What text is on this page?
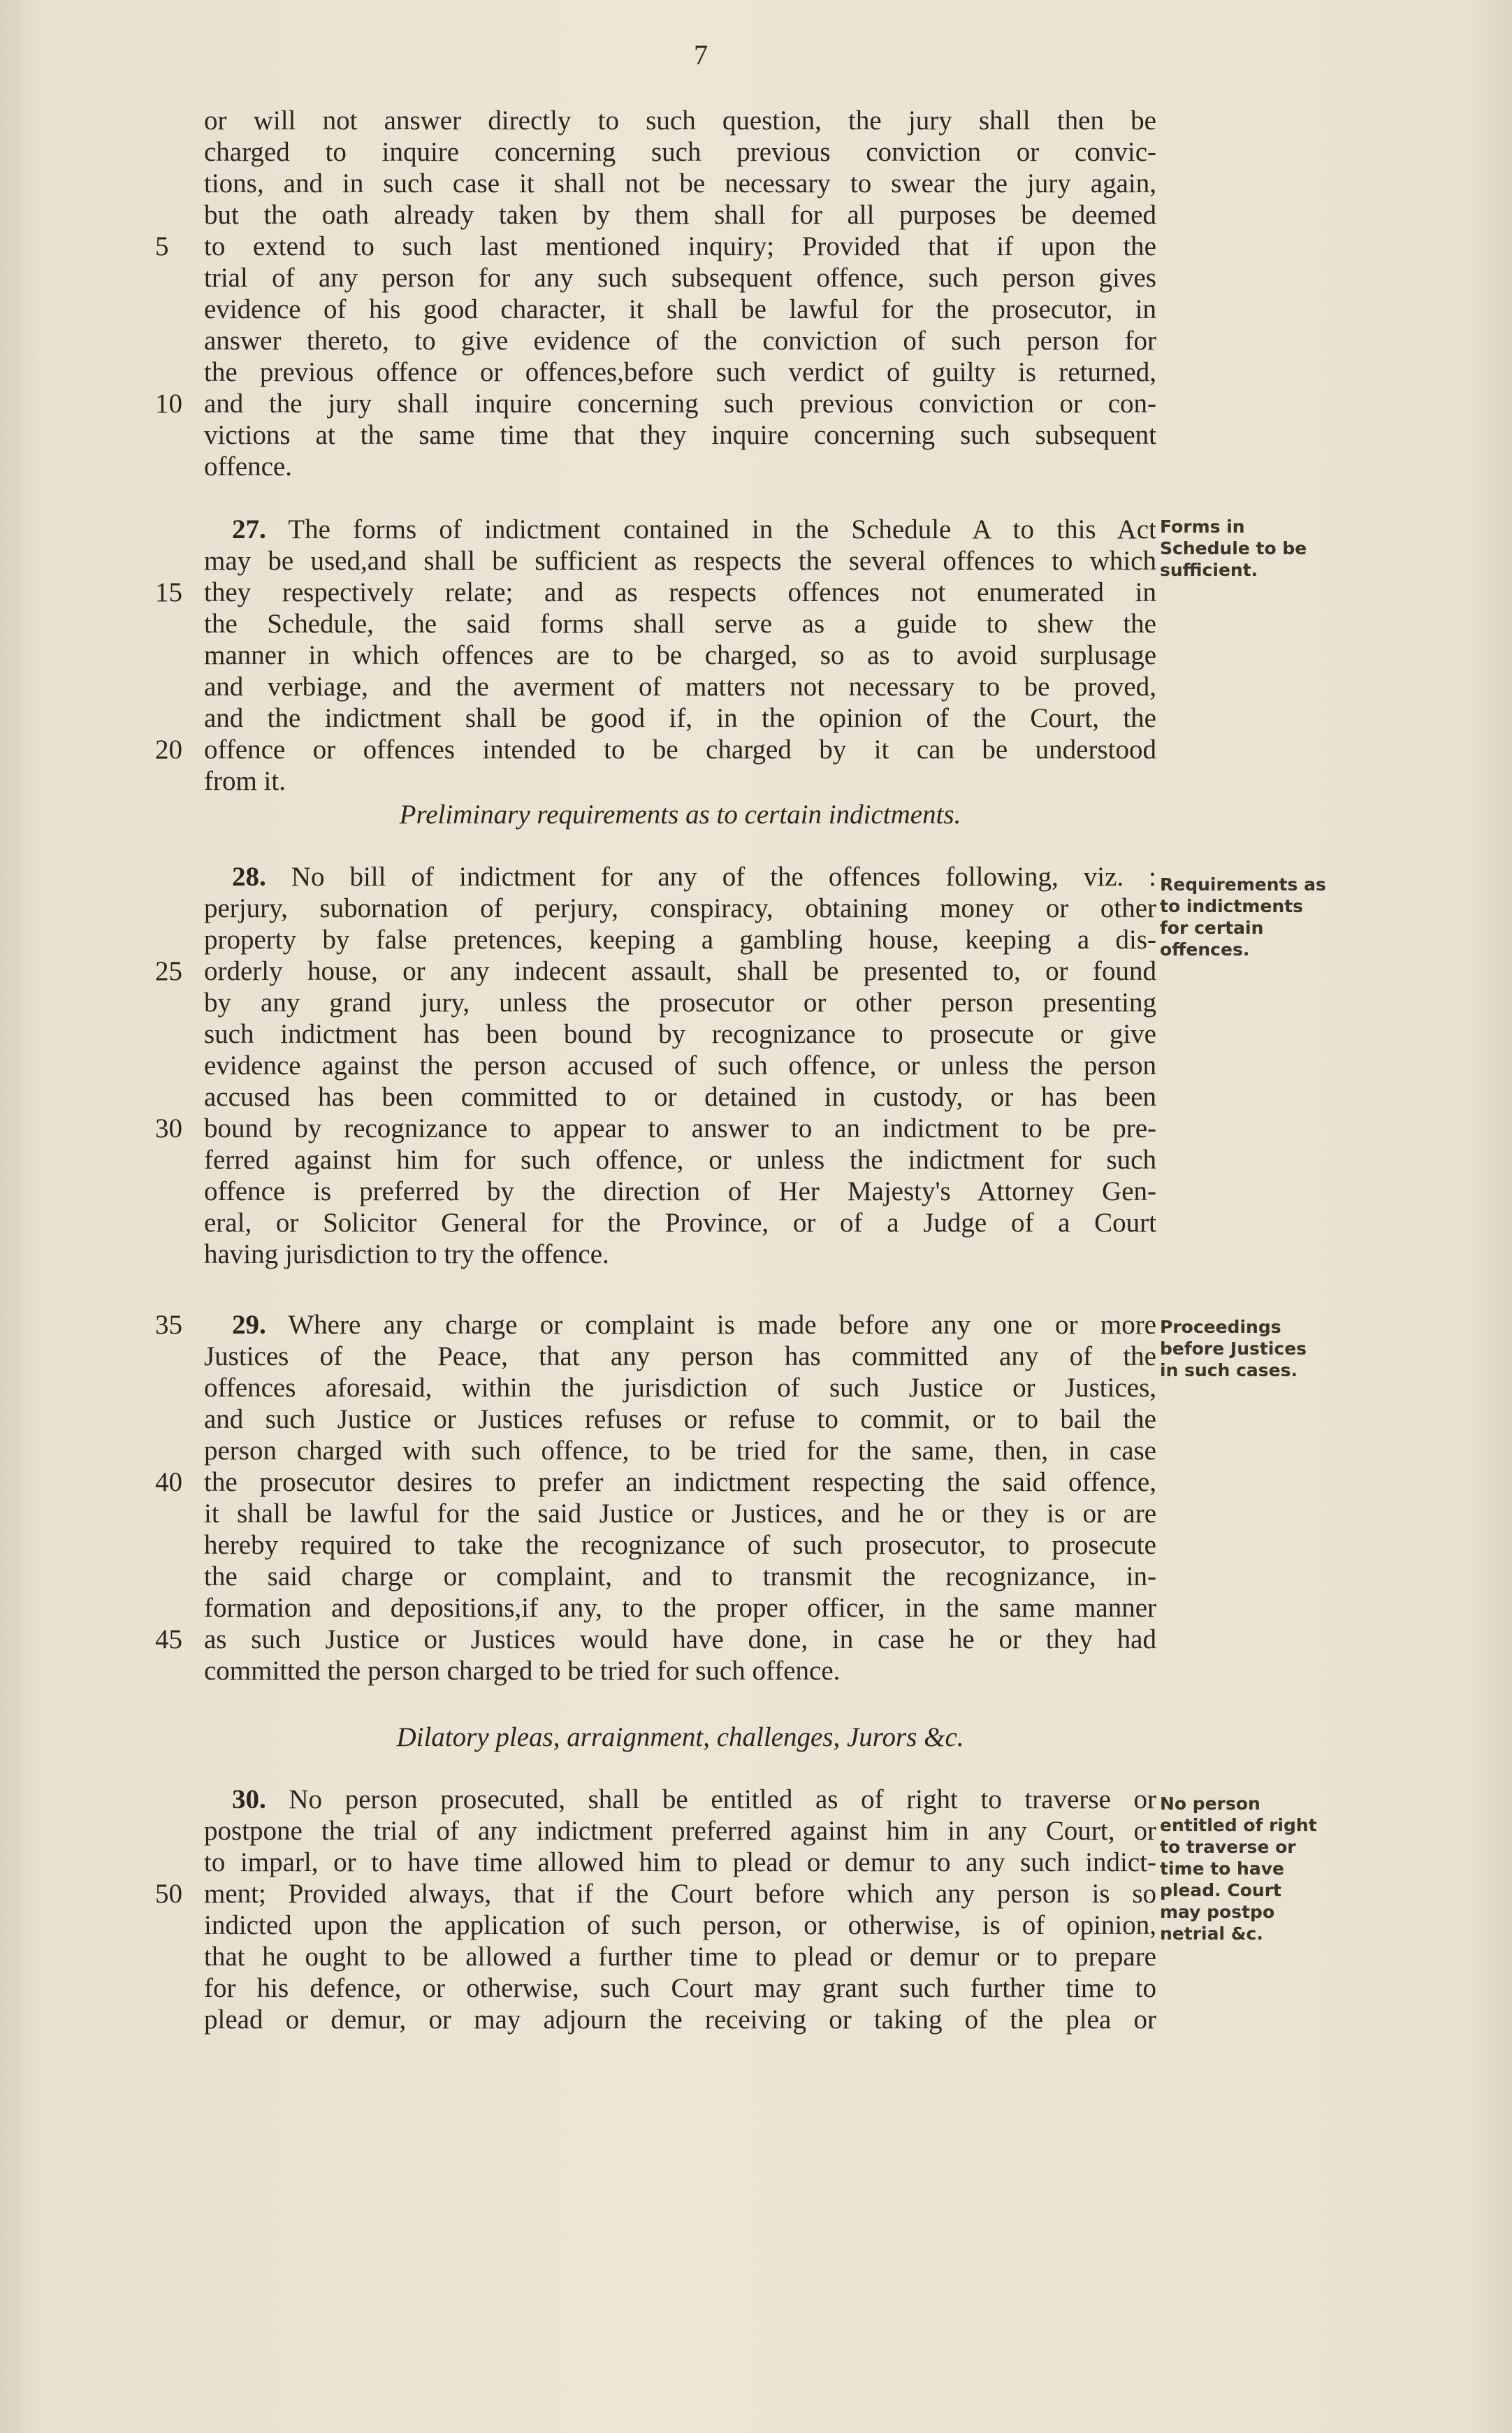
7
or will not answer directly to such question, the jury shall then be
charged to inquire concerning such previous conviction or convic-
tions, and in such case it shall not be necessary to swear the jury again,
but the oath already taken by them shall for all purposes be deemed
to extend to such last mentioned inquiry; Provided that if upon the
trial of any person for any such subsequent offence, such person gives
evidence of his good character, it shall be lawful for the prosecutor, in
answer thereto, to give evidence of the conviction of such person for
the previous offence or offences,before such verdict of guilty is returned,
and the jury shall inquire concerning such previous conviction or con-
victions at the same time that they inquire concerning such subsequent
offence.
5
10
27. The forms of indictment contained in the Schedule A to this Act
may be used,and shall be sufficient as respects the several offences to which
they respectively relate; and as respects offences not enumerated in
the Schedule, the said forms shall serve as a guide to shew the
manner in which offences are to be charged, so as to avoid surplusage
and verbiage, and the averment of matters not necessary to be proved,
and the indictment shall be good if, in the opinion of the Court, the
offence or offences intended to be charged by it can be understood
from it.
15
20
Forms in Schedule to be sufficient.
Preliminary requirements as to certain indictments.
28. No bill of indictment for any of the offences following, viz. :
perjury, subornation of perjury, conspiracy, obtaining money or other
property by false pretences, keeping a gambling house, keeping a dis-
orderly house, or any indecent assault, shall be presented to, or found
by any grand jury, unless the prosecutor or other person presenting
such indictment has been bound by recognizance to prosecute or give
evidence against the person accused of such offence, or unless the person
accused has been committed to or detained in custody, or has been
bound by recognizance to appear to answer to an indictment to be pre-
ferred against him for such offence, or unless the indictment for such
offence is preferred by the direction of Her Majesty's Attorney Gen-
eral, or Solicitor General for the Province, or of a Judge of a Court
having jurisdiction to try the offence.
25
30
Requirements as to indictments for certain offences.
29. Where any charge or complaint is made before any one or more
Justices of the Peace, that any person has committed any of the
offences aforesaid, within the jurisdiction of such Justice or Justices,
and such Justice or Justices refuses or refuse to commit, or to bail the
person charged with such offence, to be tried for the same, then, in case
the prosecutor desires to prefer an indictment respecting the said offence,
it shall be lawful for the said Justice or Justices, and he or they is or are
hereby required to take the recognizance of such prosecutor, to prosecute
the said charge or complaint, and to transmit the recognizance, in-
formation and depositions,if any, to the proper officer, in the same manner
as such Justice or Justices would have done, in case he or they had
committed the person charged to be tried for such offence.
35
40
45
Proceedings before Justices in such cases.
Dilatory pleas, arraignment, challenges, Jurors &c.
30. No person prosecuted, shall be entitled as of right to traverse or
postpone the trial of any indictment preferred against him in any Court, or
to imparl, or to have time allowed him to plead or demur to any such indict-
ment; Provided always, that if the Court before which any person is so
indicted upon the application of such person, or otherwise, is of opinion,
that he ought to be allowed a further time to plead or demur or to prepare
for his defence, or otherwise, such Court may grant such further time to
plead or demur, or may adjourn the receiving or taking of the plea or
50
No person entitled of right to traverse or time to have plead. Court may postpo netrial &c.
